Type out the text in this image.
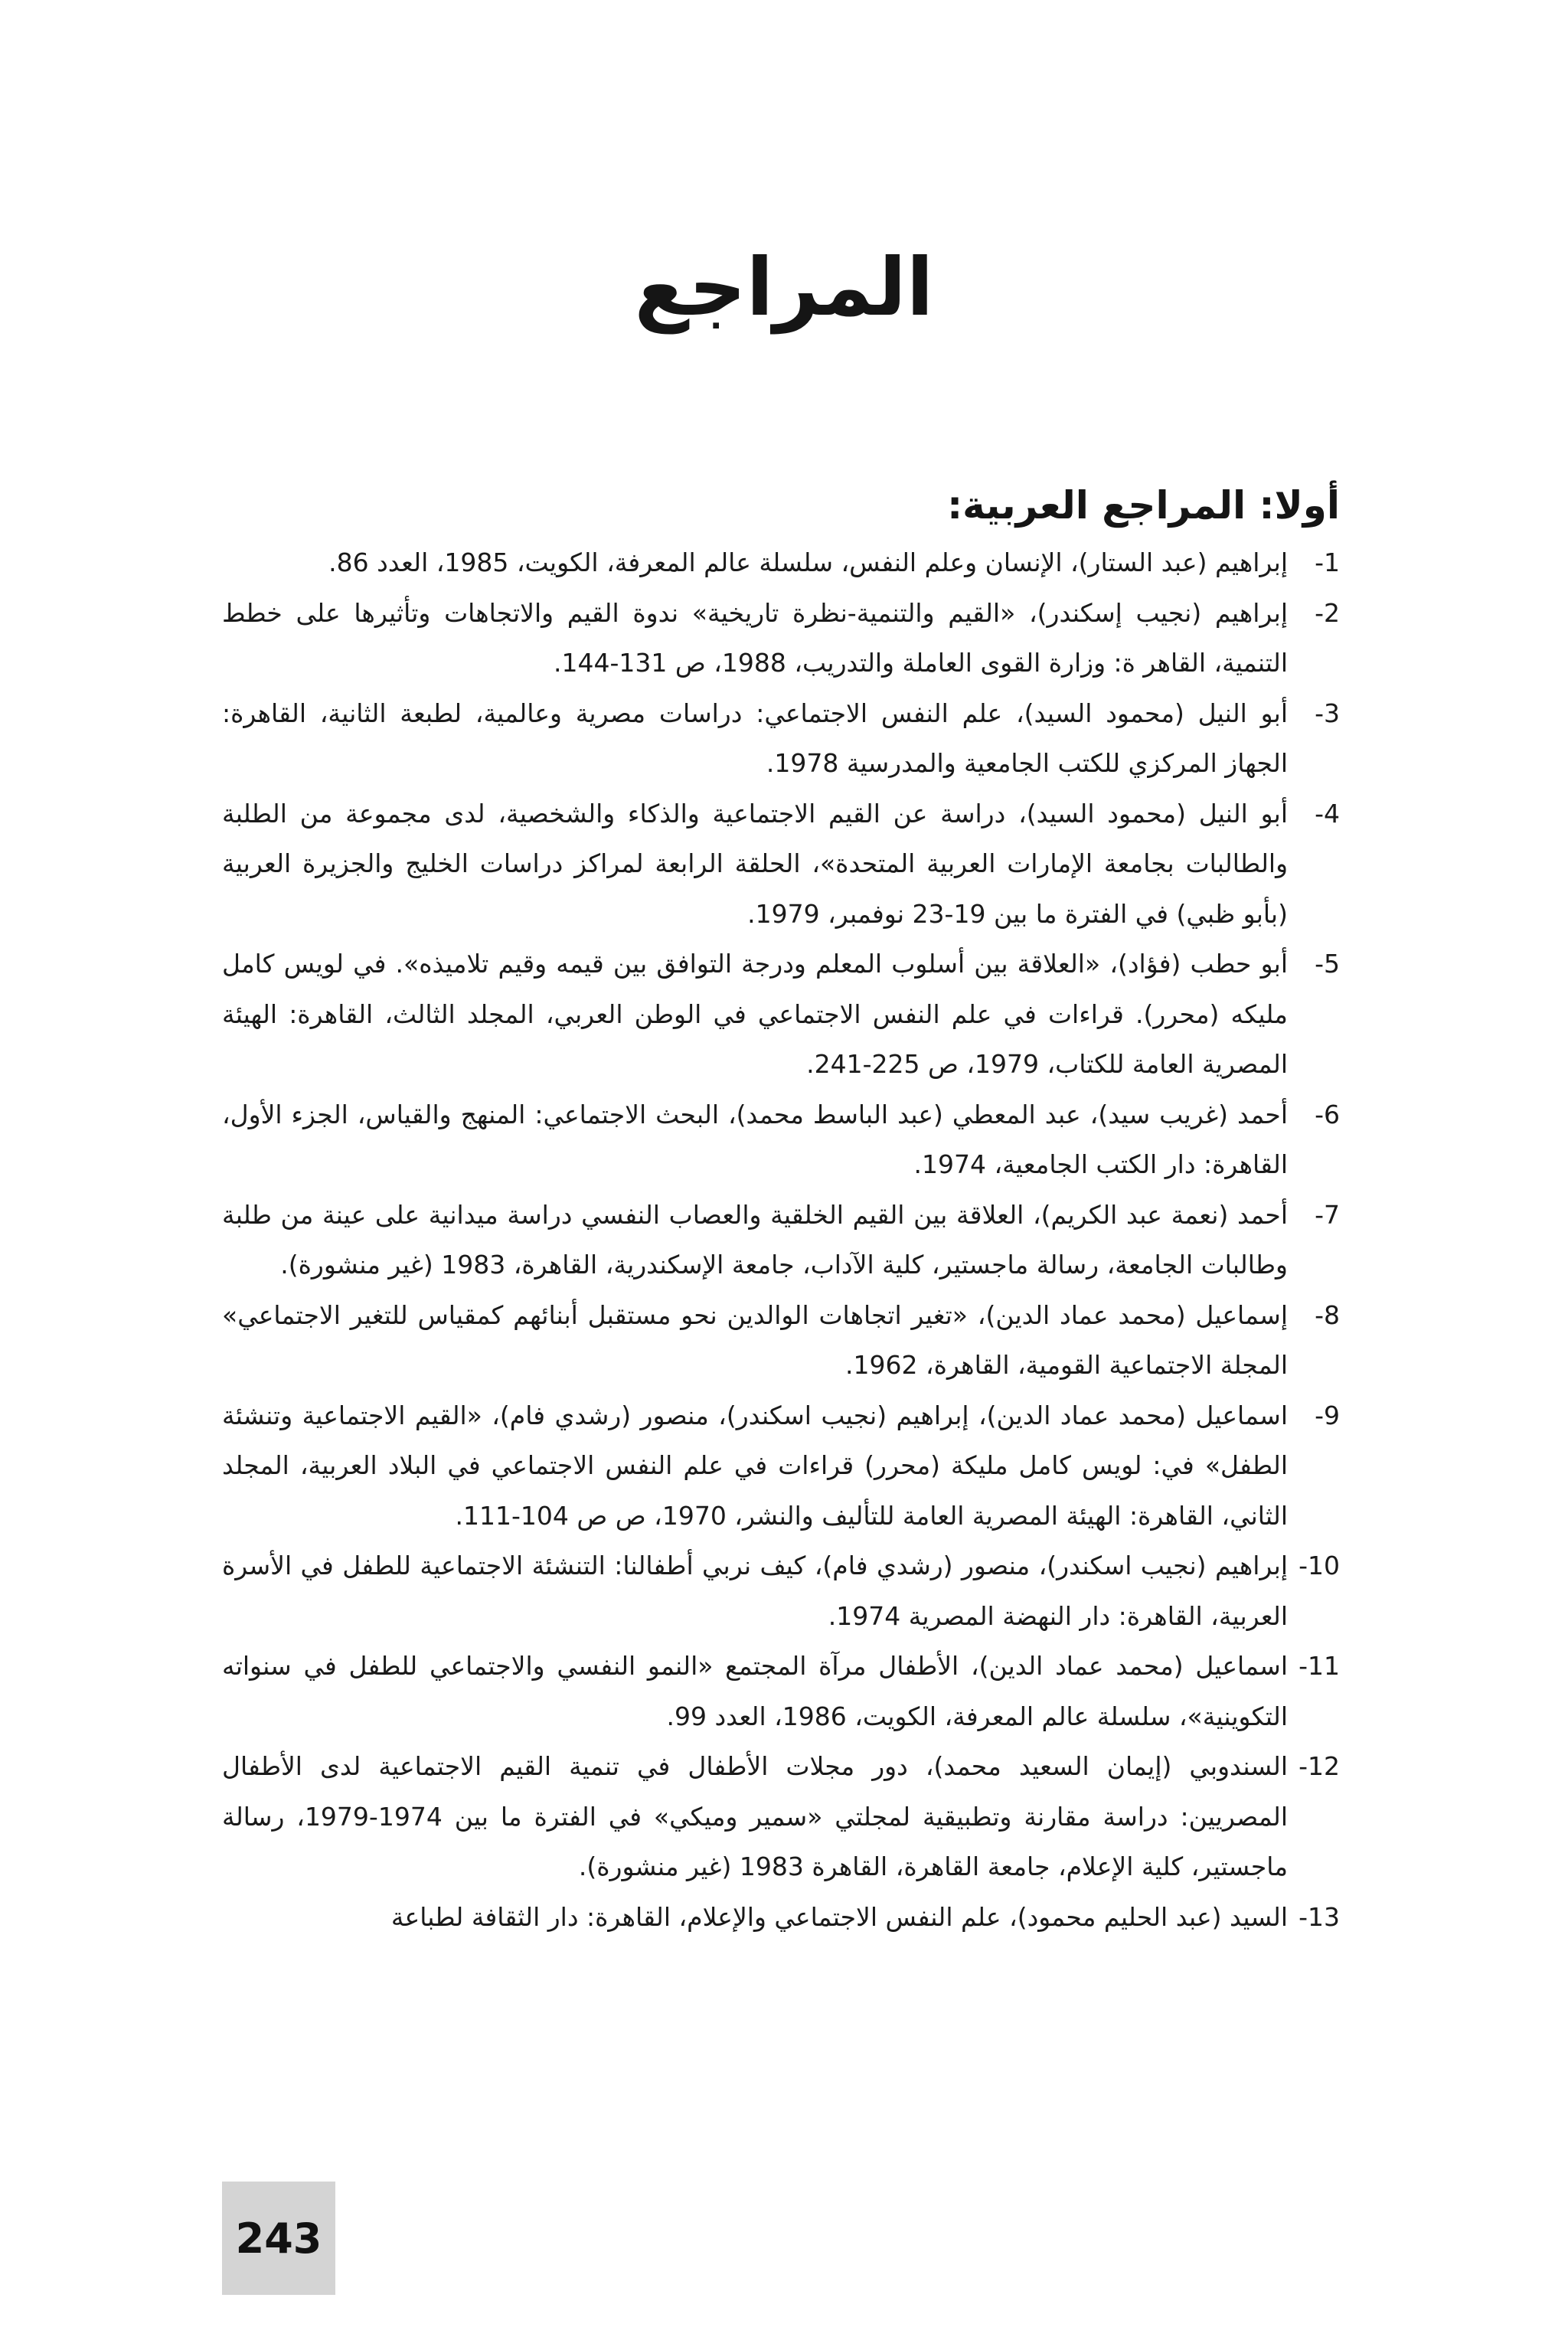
المراجع
أولا: المراجع العربية:
1-
إبراهيم (عبد الستار)، الإنسان وعلم النفس، سلسلة عالم المعرفة، الكويت، 1985، العدد 86.
2-
إبراهيم (نجيب إسكندر)، «القيم والتنمية-نظرة تاريخية» ندوة القيم والاتجاهات وتأثيرها على خطط التنمية، القاهر ة: وزارة القوى العاملة والتدريب، 1988، ص 131-144.
3-
أبو النيل (محمود السيد)، علم النفس الاجتماعي: دراسات مصرية وعالمية، لطبعة الثانية، القاهرة: الجهاز المركزي للكتب الجامعية والمدرسية 1978.
4-
أبو النيل (محمود السيد)، دراسة عن القيم الاجتماعية والذكاء والشخصية، لدى مجموعة من الطلبة والطالبات بجامعة الإمارات العربية المتحدة»، الحلقة الرابعة لمراكز دراسات الخليج والجزيرة العربية (بأبو ظبي) في الفترة ما بين 19-23 نوفمبر، 1979.
5-
أبو حطب (فؤاد)، «العلاقة بين أسلوب المعلم ودرجة التوافق بين قيمه وقيم تلاميذه». في لويس كامل مليكه (محرر). قراءات في علم النفس الاجتماعي في الوطن العربي، المجلد الثالث، القاهرة: الهيئة المصرية العامة للكتاب، 1979، ص 225-241.
6-
أحمد (غريب سيد)، عبد المعطي (عبد الباسط محمد)، البحث الاجتماعي: المنهج والقياس، الجزء الأول، القاهرة: دار الكتب الجامعية، 1974.
7-
أحمد (نعمة عبد الكريم)، العلاقة بين القيم الخلقية والعصاب النفسي دراسة ميدانية على عينة من طلبة وطالبات الجامعة، رسالة ماجستير، كلية الآداب، جامعة الإسكندرية، القاهرة، 1983 (غير منشورة).
8-
إسماعيل (محمد عماد الدين)، «تغير اتجاهات الوالدين نحو مستقبل أبنائهم كمقياس للتغير الاجتماعي» المجلة الاجتماعية القومية، القاهرة، 1962.
9-
اسماعيل (محمد عماد الدين)، إبراهيم (نجيب اسكندر)، منصور (رشدي فام)، «القيم الاجتماعية وتنشئة الطفل» في: لويس كامل مليكة (محرر) قراءات في علم النفس الاجتماعي في البلاد العربية، المجلد الثاني، القاهرة: الهيئة المصرية العامة للتأليف والنشر، 1970، ص ص 104-111.
10-
إبراهيم (نجيب اسكندر)، منصور (رشدي فام)، كيف نربي أطفالنا: التنشئة الاجتماعية للطفل في الأسرة العربية، القاهرة: دار النهضة المصرية 1974.
11-
اسماعيل (محمد عماد الدين)، الأطفال مرآة المجتمع «النمو النفسي والاجتماعي للطفل في سنواته التكوينية»، سلسلة عالم المعرفة، الكويت، 1986، العدد 99.
12-
السندوبي (إيمان السعيد محمد)، دور مجلات الأطفال في تنمية القيم الاجتماعية لدى الأطفال المصريين: دراسة مقارنة وتطبيقية لمجلتي «سمير وميكي» في الفترة ما بين 1974-1979، رسالة ماجستير، كلية الإعلام، جامعة القاهرة، القاهرة 1983 (غير منشورة).
13-
السيد (عبد الحليم محمود)، علم النفس الاجتماعي والإعلام، القاهرة: دار الثقافة لطباعة
243
